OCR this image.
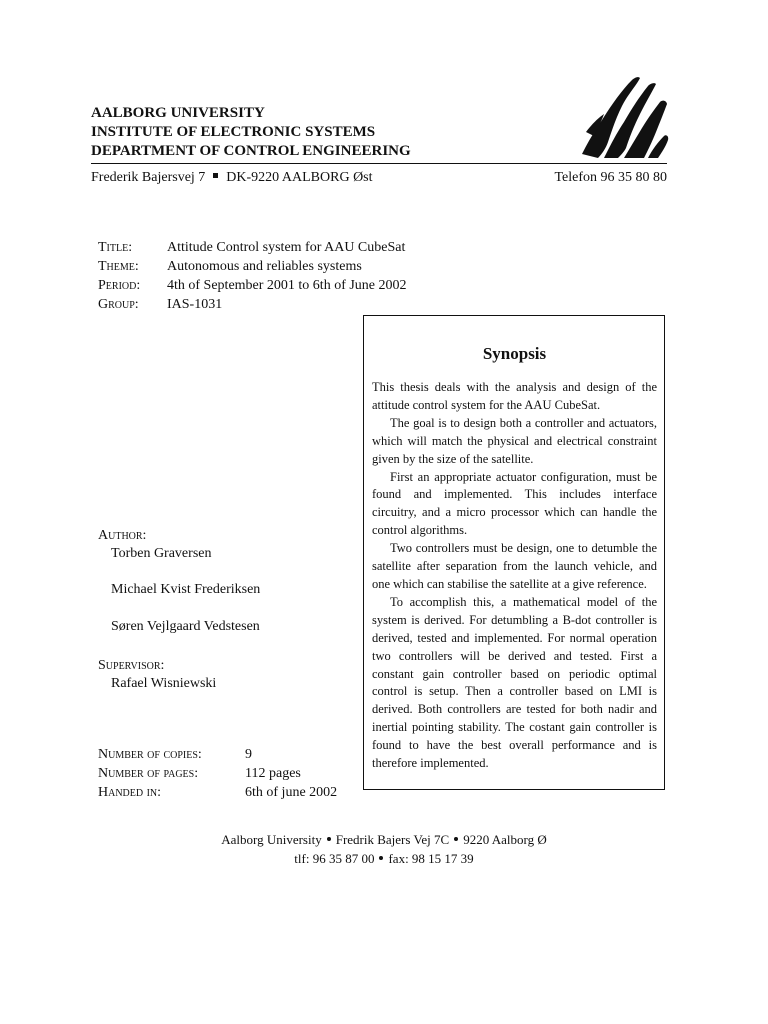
AALBORG UNIVERSITY
INSTITUTE OF ELECTRONIC SYSTEMS
DEPARTMENT OF CONTROL ENGINEERING
Frederik Bajersvej 7 DK-9220 AALBORG Øst	Telefon 96 35 80 80
Title:	Attitude Control system for AAU CubeSat
Theme:	Autonomous and reliables systems
Period:	4th of September 2001 to 6th of June 2002
Group:	IAS-1031
Author:
Torben Graversen
Michael Kvist Frederiksen
Søren Vejlgaard Vedstesen
Supervisor:
Rafael Wisniewski
Number of copies:	9
Number of pages:	112 pages
Handed in:	6th of june 2002
Synopsis

This thesis deals with the analysis and design of the attitude control system for the AAU CubeSat.

The goal is to design both a controller and actuators, which will match the physical and electrical constraint given by the size of the satellite.

First an appropriate actuator configuration, must be found and implemented. This includes interface circuitry, and a micro processor which can handle the control algorithms.

Two controllers must be design, one to detumble the satellite after separation from the launch vehicle, and one which can stabilise the satellite at a give reference.

To accomplish this, a mathematical model of the system is derived. For detumbling a B-dot controller is derived, tested and implemented. For normal operation two controllers will be derived and tested. First a constant gain controller based on periodic optimal control is setup. Then a controller based on LMI is derived. Both controllers are tested for both nadir and inertial pointing stability. The costant gain controller is found to have the best overall performance and is therefore implemented.

Aalborg University Fredrik Bajers Vej 7C 9220 Aalborg Ø
tlf: 96 35 87 00 fax: 98 15 17 39
